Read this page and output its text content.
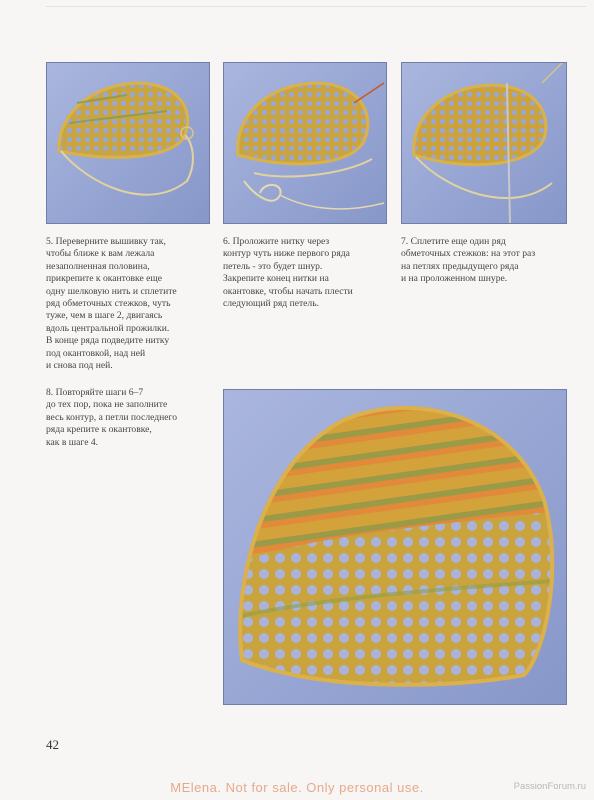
5. Переверните вышивку так,
чтобы ближе к вам лежала
незаполненная половина,
прикрепите к окантовке еще
одну шелковую нить и сплетите
ряд обметочных стежков, чуть
туже, чем в шаге 2, двигаясь
вдоль центральной прожилки.
В конце ряда подведите нитку
под окантовкой, над ней
и снова под ней.
6. Проложите нитку через
контур чуть ниже первого ряда
петель - это будет шнур.
Закрепите конец нитки на
окантовке, чтобы начать плести
следующий ряд петель.
7. Сплетите еще один ряд
обметочных стежков: на этот раз
на петлях предыдущего ряда
и на проложенном шнуре.
8. Повторяйте шаги 6–7
до тех пор, пока не заполните
весь контур, а петли последнего
ряда крепите к окантовке,
как в шаге 4.
42
MElena. Not for sale. Only personal use.	PassionForum.ru
